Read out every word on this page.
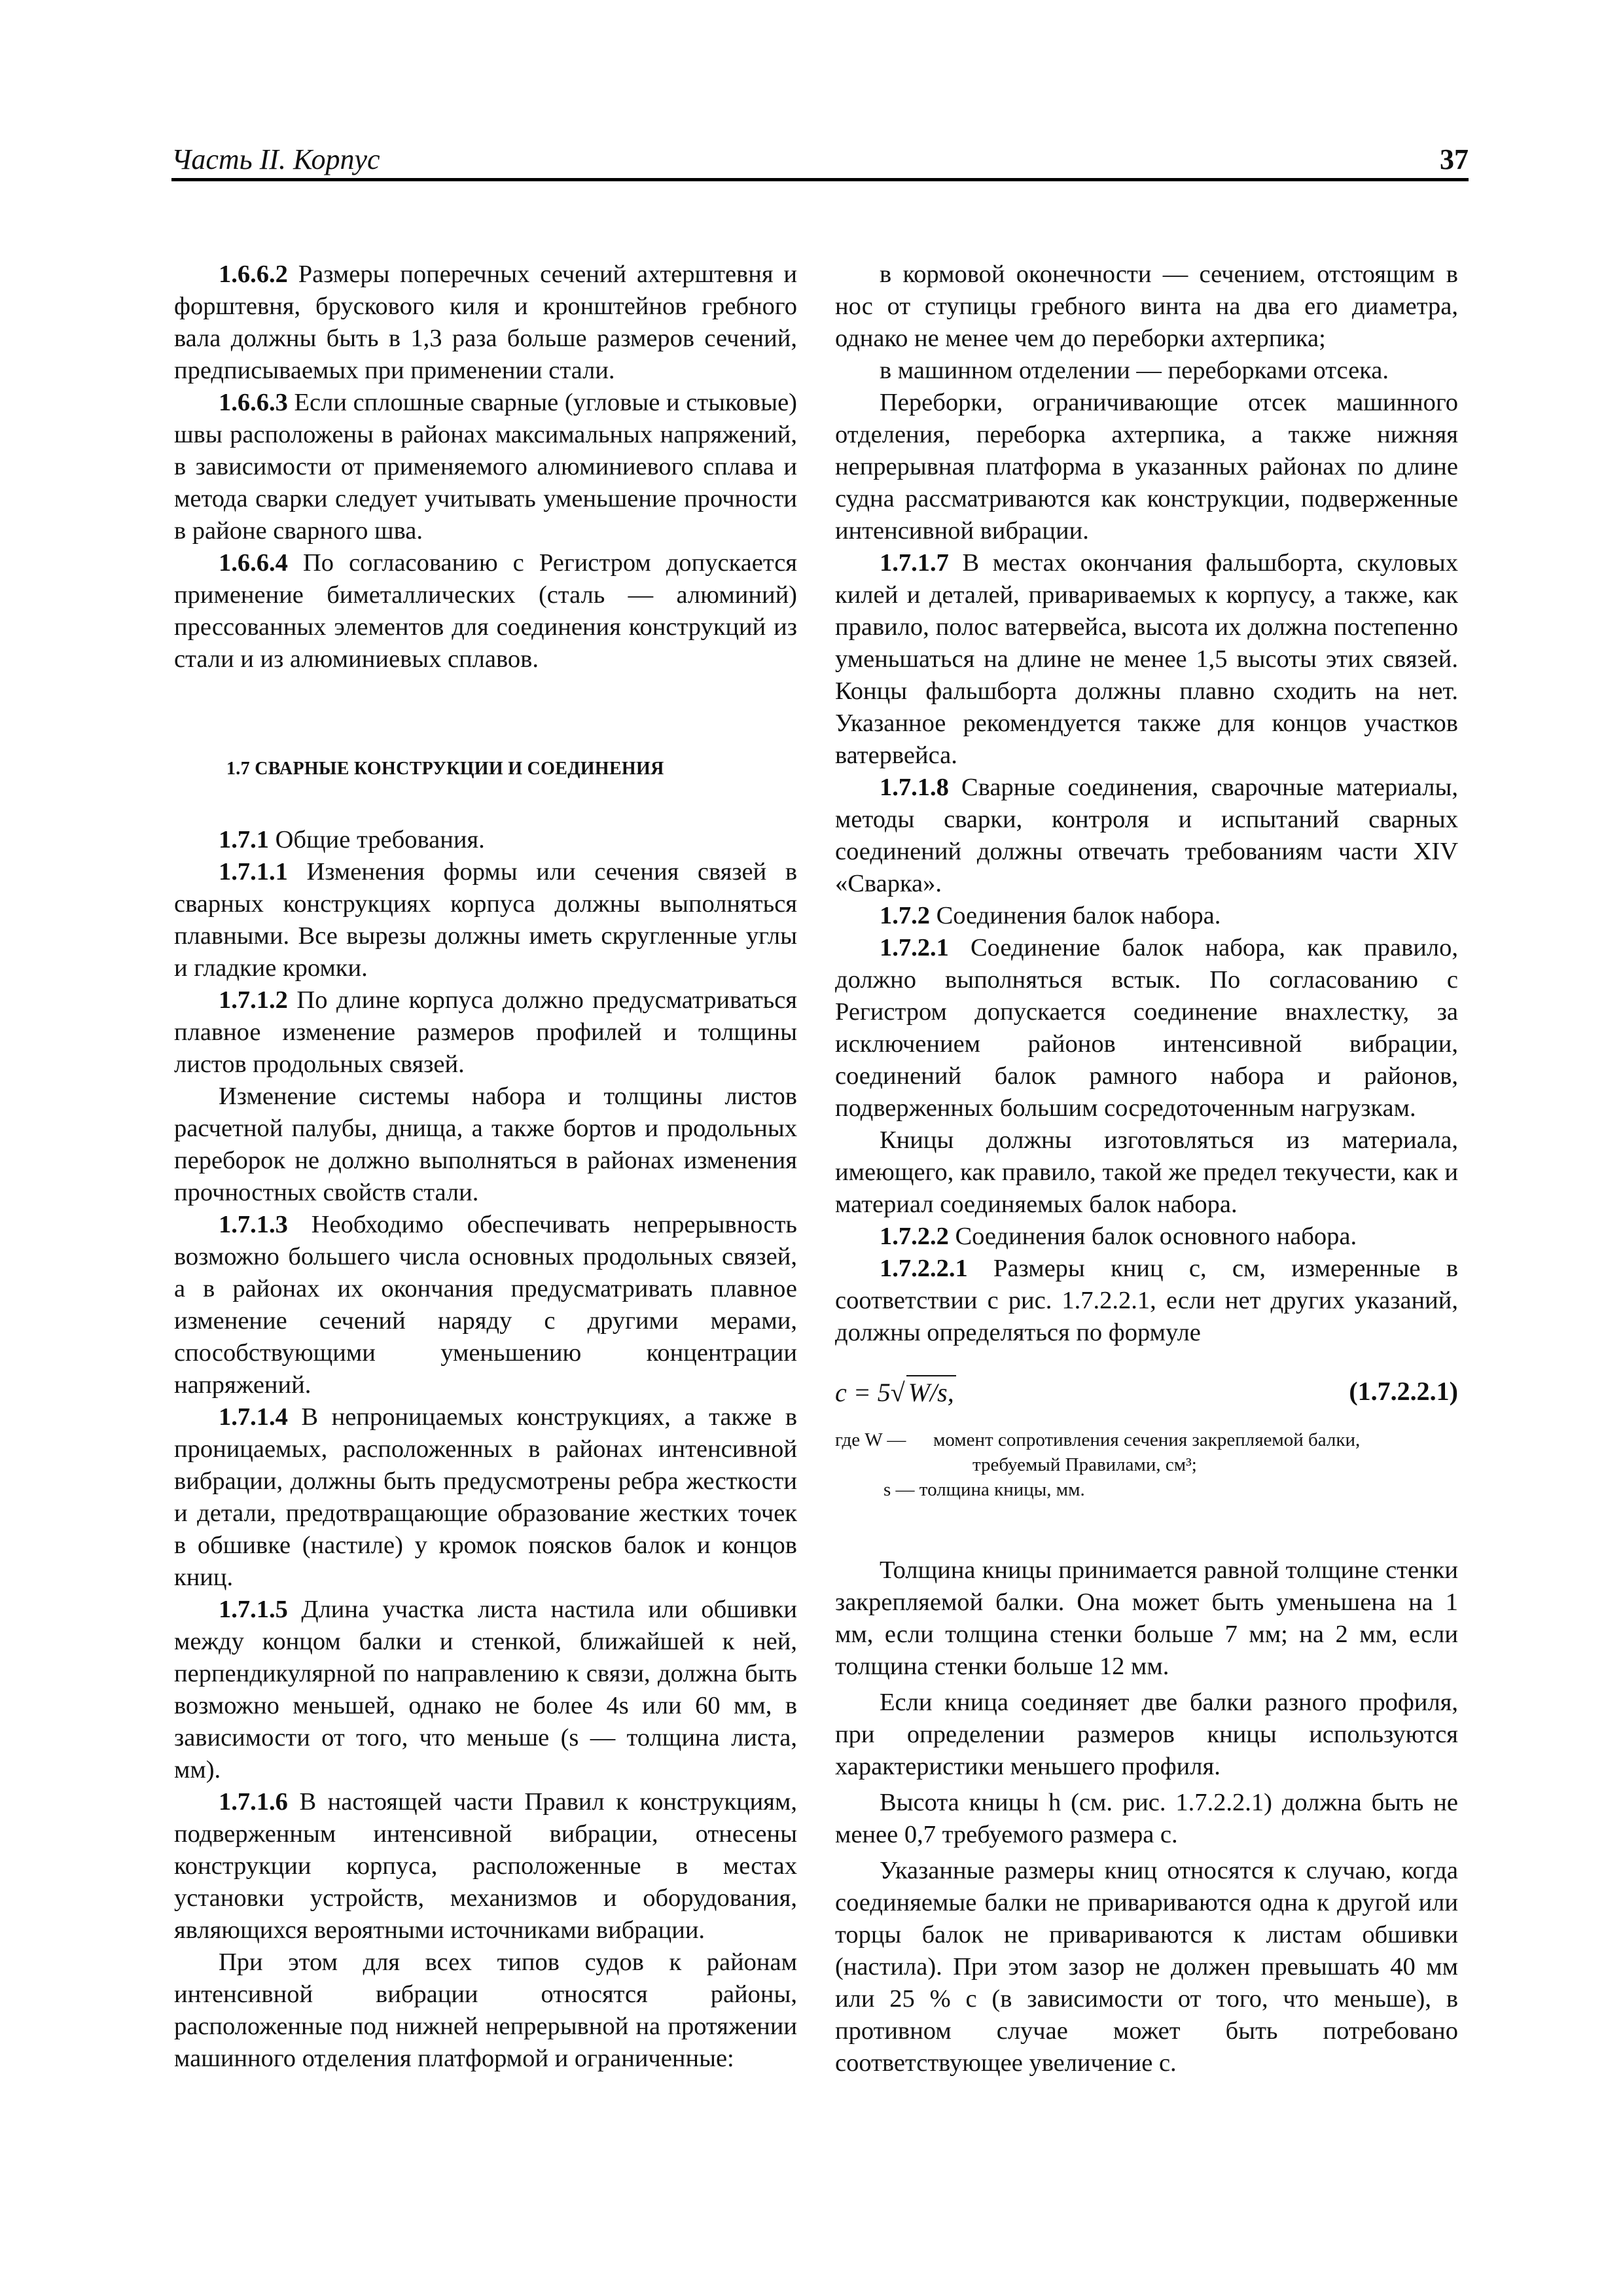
Часть II. Корпус	37

1.6.6.2 Размеры поперечных сечений ахтерштевня и форштевня, брускового киля и кронштейнов гребного вала должны быть в 1,3 раза больше размеров сечений, предписываемых при применении стали.

1.6.6.3 Если сплошные сварные (угловые и стыковые) швы расположены в районах максимальных напряжений, в зависимости от применяемого алюминиевого сплава и метода сварки следует учитывать уменьшение прочности в районе сварного шва.

1.6.6.4 По согласованию с Регистром допускается применение биметаллических (сталь — алюминий) прессованных элементов для соединения конструкций из стали и из алюминиевых сплавов.

1.7 СВАРНЫЕ КОНСТРУКЦИИ И СОЕДИНЕНИЯ

1.7.1 Общие требования.

1.7.1.1 Изменения формы или сечения связей в сварных конструкциях корпуса должны выполняться плавными. Все вырезы должны иметь скругленные углы и гладкие кромки.

1.7.1.2 По длине корпуса должно предусматриваться плавное изменение размеров профилей и толщины листов продольных связей.

Изменение системы набора и толщины листов расчетной палубы, днища, а также бортов и продольных переборок не должно выполняться в районах изменения прочностных свойств стали.

1.7.1.3 Необходимо обеспечивать непрерывность возможно большего числа основных продольных связей, а в районах их окончания предусматривать плавное изменение сечений наряду с другими мерами, способствующими уменьшению концентрации напряжений.

1.7.1.4 В непроницаемых конструкциях, а также в проницаемых, расположенных в районах интенсивной вибрации, должны быть предусмотрены ребра жесткости и детали, предотвращающие образование жестких точек в обшивке (настиле) у кромок поясков балок и концов книц.

1.7.1.5 Длина участка листа настила или обшивки между концом балки и стенкой, ближайшей к ней, перпендикулярной по направлению к связи, должна быть возможно меньшей, однако не более 4s или 60 мм, в зависимости от того, что меньше (s — толщина листа, мм).

1.7.1.6 В настоящей части Правил к конструкциям, подверженным интенсивной вибрации, отнесены конструкции корпуса, расположенные в местах установки устройств, механизмов и оборудования, являющихся вероятными источниками вибрации.

При этом для всех типов судов к районам интенсивной вибрации относятся районы, расположенные под нижней непрерывной на протяжении машинного отделения платформой и ограниченные:

в кормовой оконечности — сечением, отстоящим в нос от ступицы гребного винта на два его диаметра, однако не менее чем до переборки ахтерпика;

в машинном отделении — переборками отсека.

Переборки, ограничивающие отсек машинного отделения, переборка ахтерпика, а также нижняя непрерывная платформа в указанных районах по длине судна рассматриваются как конструкции, подверженные интенсивной вибрации.

1.7.1.7 В местах окончания фальшборта, скуловых килей и деталей, привариваемых к корпусу, а также, как правило, полос ватервейса, высота их должна постепенно уменьшаться на длине не менее 1,5 высоты этих связей. Концы фальшборта должны плавно сходить на нет. Указанное рекомендуется также для концов участков ватервейса.

1.7.1.8 Сварные соединения, сварочные материалы, методы сварки, контроля и испытаний сварных соединений должны отвечать требованиям части XIV «Сварка».

1.7.2 Соединения балок набора.

1.7.2.1 Соединение балок набора, как правило, должно выполняться встык. По согласованию с Регистром допускается соединение внахлестку, за исключением районов интенсивной вибрации, соединений балок рамного набора и районов, подверженных большим сосредоточенным нагрузкам.

Кницы должны изготовляться из материала, имеющего, как правило, такой же предел текучести, как и материал соединяемых балок набора.

1.7.2.2 Соединения балок основного набора.

1.7.2.2.1 Размеры книц c, см, измеренные в соответствии с рис. 1.7.2.2.1, если нет других указаний, должны определяться по формуле

c = 5√ W/s,	(1.7.2.2.1)
где W — момент сопротивления сечения закрепляемой балки,
требуемый Правилами, см³;
s — толщина кницы, мм.

Толщина кницы принимается равной толщине стенки закрепляемой балки. Она может быть уменьшена на 1 мм, если толщина стенки больше 7 мм; на 2 мм, если толщина стенки больше 12 мм.

Если кница соединяет две балки разного профиля, при определении размеров кницы используются характеристики меньшего профиля.

Высота кницы h (см. рис. 1.7.2.2.1) должна быть не менее 0,7 требуемого размера c.

Указанные размеры книц относятся к случаю, когда соединяемые балки не привариваются одна к другой или торцы балок не привариваются к листам обшивки (настила). При этом зазор не должен превышать 40 мм или 25 % c (в зависимости от того, что меньше), в противном случае может быть потребовано соответствующее увеличение c.
